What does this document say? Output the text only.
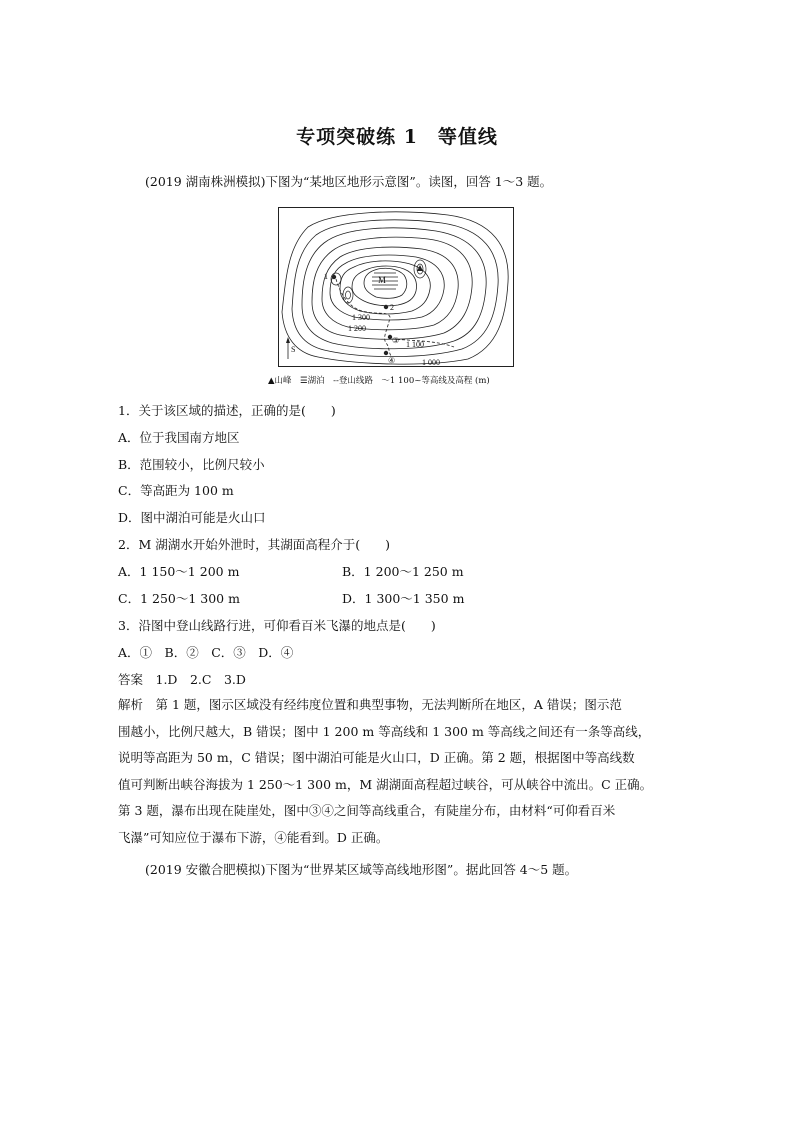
专项突破练 1　等值线
(2019 湖南株洲模拟)下图为“某地区地形示意图”。读图，回答 1～3 题。
M
1
2
1 300
1 200
③ 1 100
④	1 000
S
▲山峰　☰湖泊　--登山线路　〜1 100~等高线及高程 (m)
1．关于该区域的描述，正确的是(　　)
A．位于我国南方地区
B．范围较小，比例尺较小
C．等高距为 100 m
D．图中湖泊可能是火山口
2．M 湖湖水开始外泄时，其湖面高程介于(　　)
A．1 150～1 200 m	B．1 200～1 250 m
C．1 250～1 300 m	D．1 300～1 350 m
3．沿图中登山线路行进，可仰看百米飞瀑的地点是(　　)
A．①　B．②　C．③　D．④
答案　1.D　2.C　3.D
解析　第 1 题，图示区域没有经纬度位置和典型事物，无法判断所在地区，A 错误；图示范
围越小，比例尺越大，B 错误；图中 1 200 m 等高线和 1 300 m 等高线之间还有一条等高线，
说明等高距为 50 m，C 错误；图中湖泊可能是火山口，D 正确。第 2 题，根据图中等高线数
值可判断出峡谷海拔为 1 250～1 300 m，M 湖湖面高程超过峡谷，可从峡谷中流出。C 正确。
第 3 题，瀑布出现在陡崖处，图中③④之间等高线重合，有陡崖分布，由材料“可仰看百米
飞瀑”可知应位于瀑布下游，④能看到。D 正确。
(2019 安徽合肥模拟)下图为“世界某区域等高线地形图”。据此回答 4～5 题。
